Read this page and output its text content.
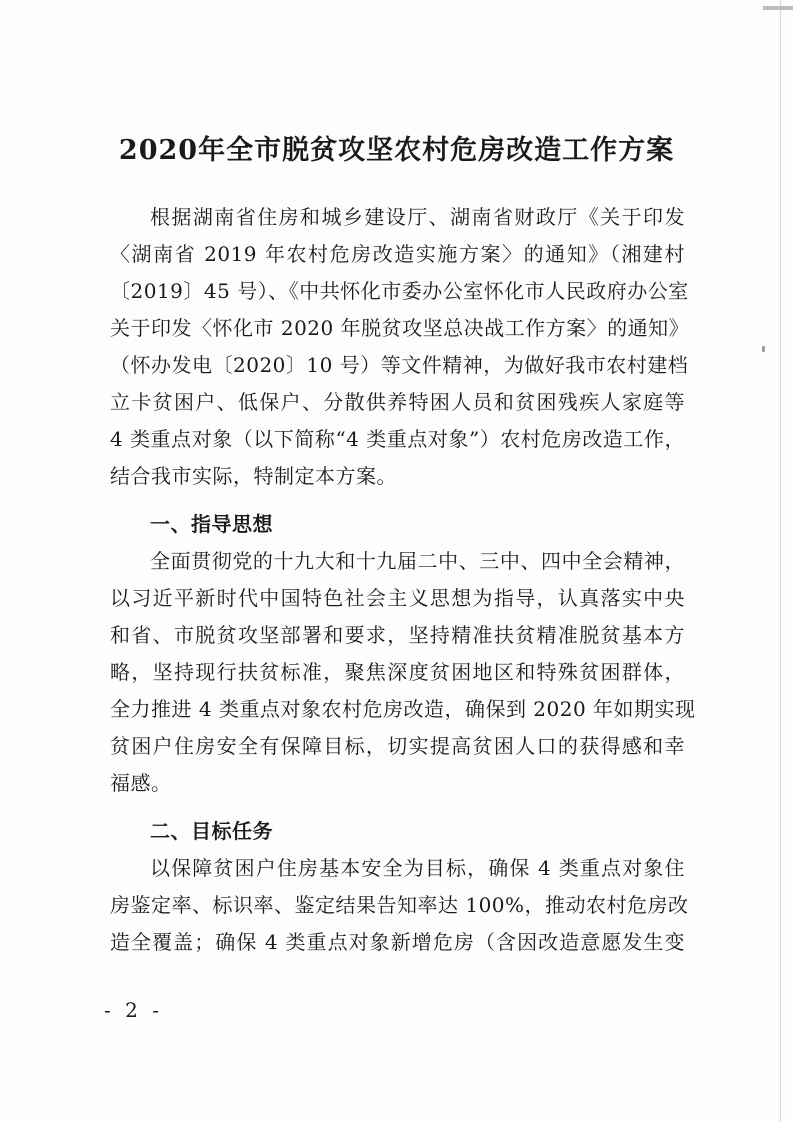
2020年全市脱贫攻坚农村危房改造工作方案
根据湖南省住房和城乡建设厅、湖南省财政厅《关于印发
〈湖南省 2019 年农村危房改造实施方案〉的通知》（湘建村
〔2019〕45 号）、《中共怀化市委办公室怀化市人民政府办公室
关于印发〈怀化市 2020 年脱贫攻坚总决战工作方案〉的通知》
（怀办发电〔2020〕10 号）等文件精神，为做好我市农村建档
立卡贫困户、低保户、分散供养特困人员和贫困残疾人家庭等
4 类重点对象（以下简称“4 类重点对象”）农村危房改造工作，
结合我市实际，特制定本方案。
一、指导思想
全面贯彻党的十九大和十九届二中、三中、四中全会精神，
以习近平新时代中国特色社会主义思想为指导，认真落实中央
和省、市脱贫攻坚部署和要求，坚持精准扶贫精准脱贫基本方
略，坚持现行扶贫标准，聚焦深度贫困地区和特殊贫困群体，
全力推进 4 类重点对象农村危房改造，确保到 2020 年如期实现
贫困户住房安全有保障目标，切实提高贫困人口的获得感和幸
福感。
二、目标任务
以保障贫困户住房基本安全为目标，确保 4 类重点对象住
房鉴定率、标识率、鉴定结果告知率达 100%，推动农村危房改
造全覆盖；确保 4 类重点对象新增危房（含因改造意愿发生变
- 2 -
